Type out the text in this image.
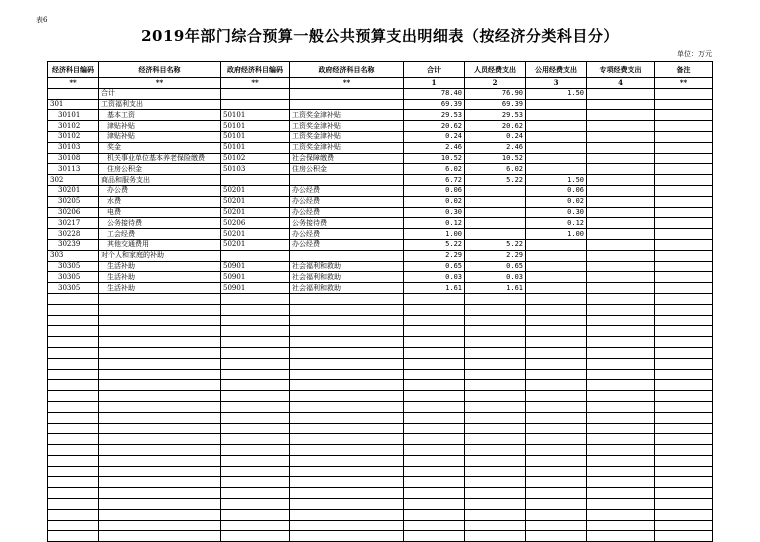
表6
2019年部门综合预算一般公共预算支出明细表（按经济分类科目分）
单位：万元
经济科目编码	经济科目名称	政府经济科目编码	政府经济科目名称	合计	人员经费支出	公用经费支出	专项经费支出	备注
**	**	**	**	1	2	3	4	**
	合计			78.40	76.90	1.50		
301	工资福利支出			69.39	69.39			
30101	基本工资	50101	工资奖金津补贴	29.53	29.53			
30102	津贴补贴	50101	工资奖金津补贴	20.62	20.62			
30102	津贴补贴	50101	工资奖金津补贴	0.24	0.24			
30103	奖金	50101	工资奖金津补贴	2.46	2.46			
30108	机关事业单位基本养老保险缴费	50102	社会保障缴费	10.52	10.52			
30113	住房公积金	50103	住房公积金	6.02	6.02			
302	商品和服务支出			6.72	5.22	1.50		
30201	办公费	50201	办公经费	0.06		0.06		
30205	水费	50201	办公经费	0.02		0.02		
30206	电费	50201	办公经费	0.30		0.30		
30217	公务接待费	50206	公务接待费	0.12		0.12		
30228	工会经费	50201	办公经费	1.00		1.00		
30239	其他交通费用	50201	办公经费	5.22	5.22			
303	对个人和家庭的补助			2.29	2.29			
30305	生活补助	50901	社会福利和救助	0.65	0.65			
30305	生活补助	50901	社会福利和救助	0.03	0.03			
30305	生活补助	50901	社会福利和救助	1.61	1.61			
